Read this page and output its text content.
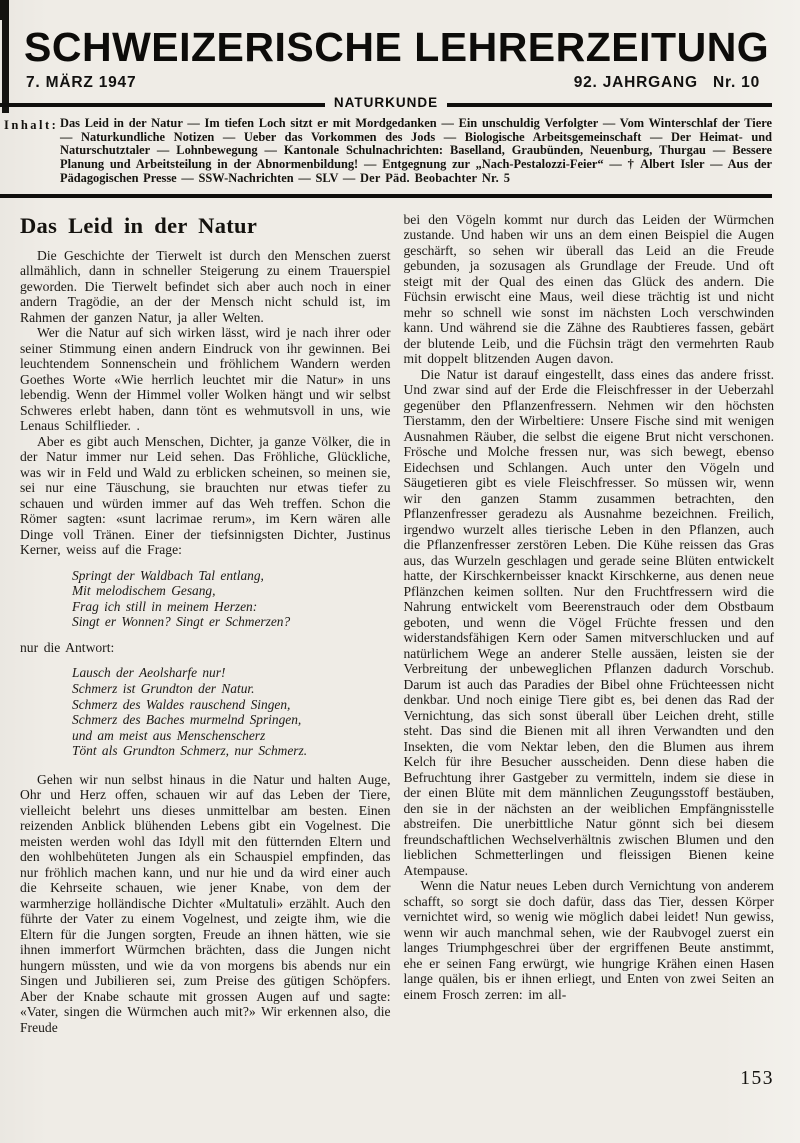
SCHWEIZERISCHE LEHRERZEITUNG
7. MÄRZ 1947	92. JAHRGANG Nr. 10
NATURKUNDE
Inhalt: Das Leid in der Natur — Im tiefen Loch sitzt er mit Mordgedanken — Ein unschuldig Verfolgter — Vom Winterschlaf der Tiere — Naturkundliche Notizen — Ueber das Vorkommen des Jods — Biologische Arbeitsgemeinschaft — Der Heimat- und Naturschutztaler — Lohnbewegung — Kantonale Schulnachrichten: Baselland, Graubünden, Neuenburg, Thurgau — Bessere Planung und Arbeitsteilung in der Abnormenbildung! — Entgegnung zur „Nach-Pestalozzi-Feier“ — † Albert Isler — Aus der Pädagogischen Presse — SSW-Nachrichten — SLV — Der Päd. Beobachter Nr. 5
Das Leid in der Natur

Die Geschichte der Tierwelt ist durch den Menschen zuerst allmählich, dann in schneller Steigerung zu einem Trauerspiel geworden. Die Tierwelt befindet sich aber auch noch in einer andern Tragödie, an der der Mensch nicht schuld ist, im Rahmen der ganzen Natur, ja aller Welten.

Wer die Natur auf sich wirken lässt, wird je nach ihrer oder seiner Stimmung einen andern Eindruck von ihr gewinnen. Bei leuchtendem Sonnenschein und fröhlichem Wandern werden Goethes Worte «Wie herrlich leuchtet mir die Natur» in uns lebendig. Wenn der Himmel voller Wolken hängt und wir selbst Schweres erlebt haben, dann tönt es wehmutsvoll in uns, wie Lenaus Schilflieder. .

Aber es gibt auch Menschen, Dichter, ja ganze Völker, die in der Natur immer nur Leid sehen. Das Fröhliche, Glückliche, was wir in Feld und Wald zu erblicken scheinen, so meinen sie, sei nur eine Täuschung, sie brauchten nur etwas tiefer zu schauen und würden immer auf das Weh treffen. Schon die Römer sagten: «sunt lacrimae rerum», im Kern wären alle Dinge voll Tränen. Einer der tiefsinnigsten Dichter, Justinus Kerner, weiss auf die Frage:

Springt der Waldbach Tal entlang,
Mit melodischem Gesang,
Frag ich still in meinem Herzen:
Singt er Wonnen? Singt er Schmerzen?

nur die Antwort:

Lausch der Aeolsharfe nur!
Schmerz ist Grundton der Natur.
Schmerz des Waldes rauschend Singen,
Schmerz des Baches murmelnd Springen,
und am meist aus Menschenscherz
Tönt als Grundton Schmerz, nur Schmerz.

Gehen wir nun selbst hinaus in die Natur und halten Auge, Ohr und Herz offen, schauen wir auf das Leben der Tiere, vielleicht belehrt uns dieses unmittelbar am besten. Einen reizenden Anblick blühenden Lebens gibt ein Vogelnest. Die meisten werden wohl das Idyll mit den fütternden Eltern und den wohlbehüteten Jungen als ein Schauspiel empfinden, das nur fröhlich machen kann, und nur hie und da wird einer auch die Kehrseite schauen, wie jener Knabe, von dem der warmherzige holländische Dichter «Multatuli» erzählt. Auch den führte der Vater zu einem Vogelnest, und zeigte ihm, wie die Eltern für die Jungen sorgten, Freude an ihnen hätten, wie sie ihnen immerfort Würmchen brächten, dass die Jungen nicht hungern müssten, und wie da von morgens bis abends nur ein Singen und Jubilieren sei, zum Preise des gütigen Schöpfers. Aber der Knabe schaute mit grossen Augen auf und sagte: «Vater, singen die Würmchen auch mit?» Wir erkennen also, die Freude

bei den Vögeln kommt nur durch das Leiden der Würmchen zustande. Und haben wir uns an dem einen Beispiel die Augen geschärft, so sehen wir überall das Leid an die Freude gebunden, ja sozusagen als Grundlage der Freude. Und oft steigt mit der Qual des einen das Glück des andern. Die Füchsin erwischt eine Maus, weil diese trächtig ist und nicht mehr so schnell wie sonst im nächsten Loch verschwinden kann. Und während sie die Zähne des Raubtieres fassen, gebärt der blutende Leib, und die Füchsin trägt den vermehrten Raub mit doppelt blitzenden Augen davon.

Die Natur ist darauf eingestellt, dass eines das andere frisst. Und zwar sind auf der Erde die Fleischfresser in der Ueberzahl gegenüber den Pflanzenfressern. Nehmen wir den höchsten Tierstamm, den der Wirbeltiere: Unsere Fische sind mit wenigen Ausnahmen Räuber, die selbst die eigene Brut nicht verschonen. Frösche und Molche fressen nur, was sich bewegt, ebenso Eidechsen und Schlangen. Auch unter den Vögeln und Säugetieren gibt es viele Fleischfresser. So müssen wir, wenn wir den ganzen Stamm zusammen betrachten, den Pflanzenfresser geradezu als Ausnahme bezeichnen. Freilich, irgendwo wurzelt alles tierische Leben in den Pflanzen, auch die Pflanzenfresser zerstören Leben. Die Kühe reissen das Gras aus, das Wurzeln geschlagen und gerade seine Blüten entwickelt hatte, der Kirschkernbeisser knackt Kirschkerne, aus denen neue Pflänzchen keimen sollten. Nur den Fruchtfressern wird die Nahrung entwickelt vom Beerenstrauch oder dem Obstbaum geboten, und wenn die Vögel Früchte fressen und den widerstandsfähigen Kern oder Samen mitverschlucken und auf natürlichem Wege an anderer Stelle aussäen, leisten sie der Verbreitung der unbeweglichen Pflanzen dadurch Vorschub. Darum ist auch das Paradies der Bibel ohne Früchteessen nicht denkbar. Und noch einige Tiere gibt es, bei denen das Rad der Vernichtung, das sich sonst überall über Leichen dreht, stille steht. Das sind die Bienen mit all ihren Verwandten und den Insekten, die vom Nektar leben, den die Blumen aus ihrem Kelch für ihre Besucher ausscheiden. Denn diese haben die Befruchtung ihrer Gastgeber zu vermitteln, indem sie diese in der einen Blüte mit dem männlichen Zeugungsstoff bestäuben, den sie in der nächsten an der weiblichen Empfängnisstelle abstreifen. Die unerbittliche Natur gönnt sich bei diesem freundschaftlichen Wechselverhältnis zwischen Blumen und den lieblichen Schmetterlingen und fleissigen Bienen keine Atempause.

Wenn die Natur neues Leben durch Vernichtung von anderem schafft, so sorgt sie doch dafür, dass das Tier, dessen Körper vernichtet wird, so wenig wie möglich dabei leidet! Nun gewiss, wenn wir auch manchmal sehen, wie der Raubvogel zuerst ein langes Triumphgeschrei über der ergriffenen Beute anstimmt, ehe er seinen Fang erwürgt, wie hungrige Krähen einen Hasen lange quälen, bis er ihnen erliegt, und Enten von zwei Seiten an einem Frosch zerren: im all-

153
